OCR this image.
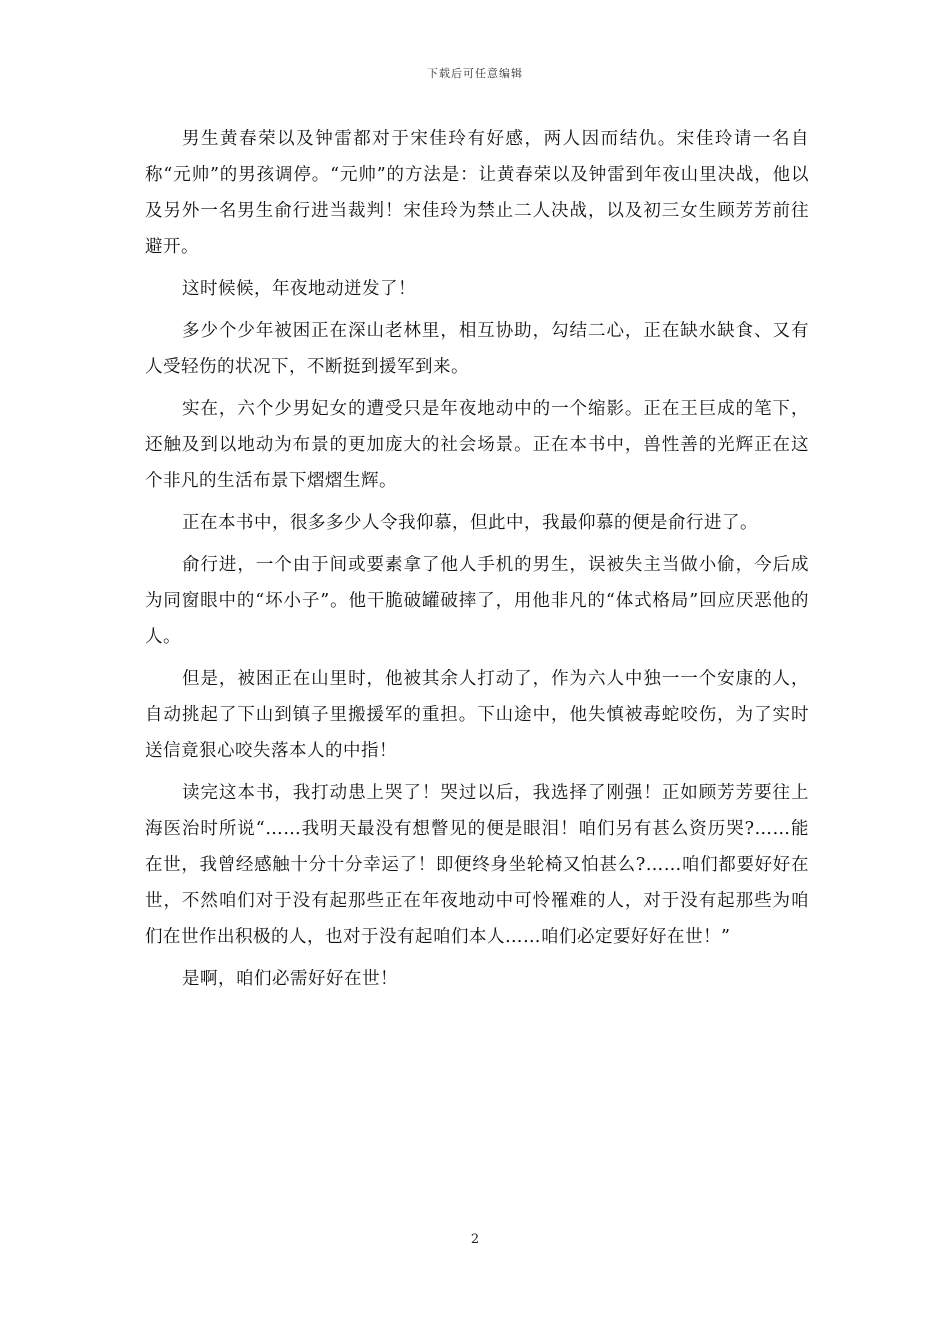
下载后可任意编辑

男生黄春荣以及钟雷都对于宋佳玲有好感，两人因而结仇。宋佳玲请一名自称“元帅”的男孩调停。“元帅”的方法是：让黄春荣以及钟雷到年夜山里决战，他以及另外一名男生俞行进当裁判！宋佳玲为禁止二人决战，以及初三女生顾芳芳前往避开。

这时候候，年夜地动迸发了！

多少个少年被困正在深山老林里，相互协助，勾结二心，正在缺水缺食、又有人受轻伤的状况下，不断挺到援军到来。

实在，六个少男妃女的遭受只是年夜地动中的一个缩影。正在王巨成的笔下，还触及到以地动为布景的更加庞大的社会场景。正在本书中，兽性善的光辉正在这个非凡的生活布景下熠熠生辉。

正在本书中，很多多少人令我仰慕，但此中，我最仰慕的便是俞行进了。

俞行进，一个由于间或要素拿了他人手机的男生，误被失主当做小偷，今后成为同窗眼中的“坏小子”。他干脆破罐破摔了，用他非凡的“体式格局”回应厌恶他的人。

但是，被困正在山里时，他被其余人打动了，作为六人中独一一个安康的人，自动挑起了下山到镇子里搬援军的重担。下山途中，他失慎被毒蛇咬伤，为了实时送信竟狠心咬失落本人的中指！

读完这本书，我打动患上哭了！哭过以后，我选择了刚强！正如顾芳芳要往上海医治时所说“……我明天最没有想瞥见的便是眼泪！咱们另有甚么资历哭?……能在世，我曾经感触十分十分幸运了！即便终身坐轮椅又怕甚么?……咱们都要好好在世，不然咱们对于没有起那些正在年夜地动中可怜罹难的人，对于没有起那些为咱们在世作出积极的人，也对于没有起咱们本人……咱们必定要好好在世！”

是啊，咱们必需好好在世！

2
